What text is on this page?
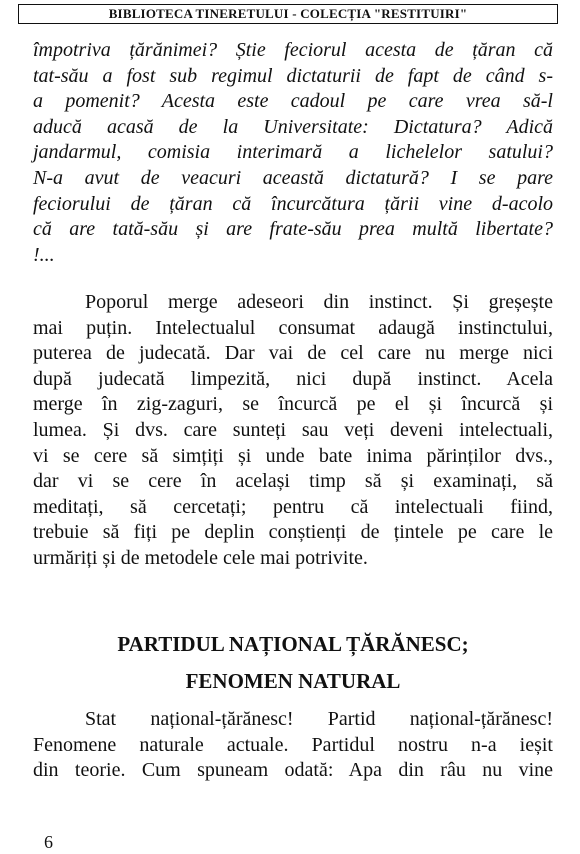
BIBLIOTECA TINERETULUI - COLECȚIA "RESTITUIRI"
împotriva țărănimei? Știe feciorul acesta de țăran că
tat-său a fost sub regimul dictaturii de fapt de când s-
a pomenit? Acesta este cadoul pe care vrea să-l
aducă acasă de la Universitate: Dictatura? Adică
jandarmul, comisia interimară a lichelelor satului?
N-a avut de veacuri această dictatură? I se pare
feciorului de țăran că încurcătura țării vine d-acolo
că are tată-său și are frate-său prea multă libertate?
!...
Poporul merge adeseori din instinct. Și greșește
mai puțin. Intelectualul consumat adaugă instinctului,
puterea de judecată. Dar vai de cel care nu merge nici
după judecată limpezită, nici după instinct. Acela
merge în zig-zaguri, se încurcă pe el și încurcă și
lumea. Și dvs. care sunteți sau veți deveni intelectuali,
vi se cere să simțiți și unde bate inima părinților dvs.,
dar vi se cere în același timp să și examinați, să
meditați, să cercetați; pentru că intelectuali fiind,
trebuie să fiți pe deplin conștienți de țintele pe care le
urmăriți și de metodele cele mai potrivite.
PARTIDUL NAȚIONAL ȚĂRĂNESC;
FENOMEN NATURAL
Stat național-țărănesc! Partid național-țărănesc!
Fenomene naturale actuale. Partidul nostru n-a ieșit
din teorie. Cum spuneam odată: Apa din râu nu vine
6
